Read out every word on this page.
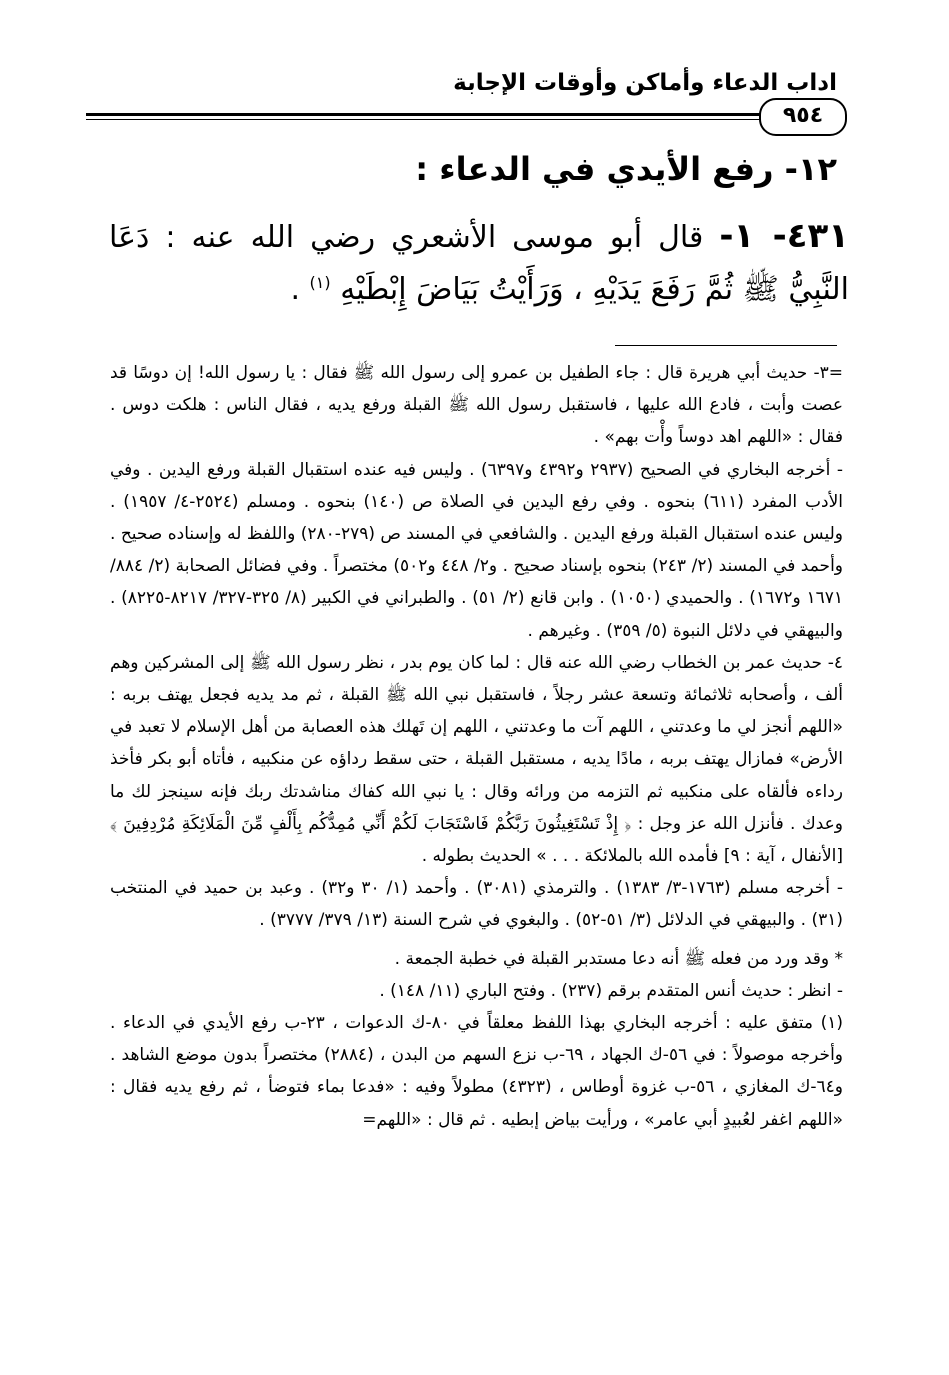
اداب الدعاء وأماكن وأوقات الإجابة
٩٥٤
١٢- رفع الأيدي في الدعاء :
٤٣١- ١- قال أبو موسى الأشعري رضي الله عنه : دَعَا النَّبِيُّ ﷺ ثُمَّ رَفَعَ يَدَيْهِ ، وَرَأَيْتُ بَيَاضَ إِبْطَيْهِ $^{(١)}$ .

=٣- حديث أبي هريرة قال : جاء الطفيل بن عمرو إلى رسول الله ﷺ فقال : يا رسول الله! إن دوسًا قد عصت وأبت ، فادع الله عليها ، فاستقبل رسول الله ﷺ القبلة ورفع يديه ، فقال الناس : هلكت دوس . فقال : «اللهم اهد دوساً وأْت بهم» .

- أخرجه البخاري في الصحيح (٢٩٣٧ و٤٣٩٢ و٦٣٩٧) . وليس فيه عنده استقبال القبلة ورفع اليدين . وفي الأدب المفرد (٦١١) بنحوه . وفي رفع اليدين في الصلاة ص (١٤٠) بنحوه . ومسلم (٢٥٢٤-٤/ ١٩٥٧) . وليس عنده استقبال القبلة ورفع اليدين . والشافعي في المسند ص (٢٧٩-٢٨٠) واللفظ له وإسناده صحيح . وأحمد في المسند (٢/ ٢٤٣) بنحوه بإسناد صحيح . و٢/ ٤٤٨ و٥٠٢) مختصراً . وفي فضائل الصحابة (٢/ ٨٨٤/ ١٦٧١ و١٦٧٢) . والحميدي (١٠٥٠) . وابن قانع (٢/ ٥١) . والطبراني في الكبير (٨/ ٣٢٥-٣٢٧/ ٨٢١٧-٨٢٢٥) . والبيهقي في دلائل النبوة (٥/ ٣٥٩) . وغيرهم .

٤- حديث عمر بن الخطاب رضي الله عنه قال : لما كان يوم بدر ، نظر رسول الله ﷺ إلى المشركين وهم ألف ، وأصحابه ثلاثمائة وتسعة عشر رجلاً ، فاستقبل نبي الله ﷺ القبلة ، ثم مد يديه فجعل يهتف بربه : «اللهم أنجز لي ما وعدتني ، اللهم آت ما وعدتني ، اللهم إن تَهلك هذه العصابة من أهل الإسلام لا تعبد في الأرض» فمازال يهتف بربه ، مادًا يديه ، مستقبل القبلة ، حتى سقط رداؤه عن منكبيه ، فأتاه أبو بكر فأخذ رداءه فألقاه على منكبيه ثم التزمه من ورائه وقال : يا نبي الله كفاك مناشدتك ربك فإنه سينجز لك ما وعدك . فأنزل الله عز وجل : ﴿ إِذْ تَسْتَغِيثُونَ رَبَّكُمْ فَاسْتَجَابَ لَكُمْ أَنِّي مُمِدُّكُم بِأَلْفٍ مِّنَ الْمَلَائِكَةِ مُرْدِفِينَ ﴾ [الأنفال ، آية : ٩] فأمده الله بالملائكة . . . » الحديث بطوله .

- أخرجه مسلم (١٧٦٣-٣/ ١٣٨٣) . والترمذي (٣٠٨١) . وأحمد (١/ ٣٠ و٣٢) . وعبد بن حميد في المنتخب (٣١) . والبيهقي في الدلائل (٣/ ٥١-٥٢) . والبغوي في شرح السنة (١٣/ ٣٧٩/ ٣٧٧٧) .

* وقد ورد من فعله ﷺ أنه دعا مستدبر القبلة في خطبة الجمعة .

- انظر : حديث أنس المتقدم برقم (٢٣٧) . وفتح الباري (١١/ ١٤٨) .

(١) متفق عليه : أخرجه البخاري بهذا اللفظ معلقاً في ٨٠-ك الدعوات ، ٢٣-ب رفع الأيدي في الدعاء . وأخرجه موصولاً : في ٥٦-ك الجهاد ، ٦٩-ب نزع السهم من البدن ، (٢٨٨٤) مختصراً بدون موضع الشاهد . و٦٤-ك المغازي ، ٥٦-ب غزوة أوطاس ، (٤٣٢٣) مطولاً وفيه : «فدعا بماء فتوضأ ، ثم رفع يديه فقال : «اللهم اغفر لعُبيدٍ أبي عامر» ، ورأيت بياض إبطيه . ثم قال : «اللهم=
